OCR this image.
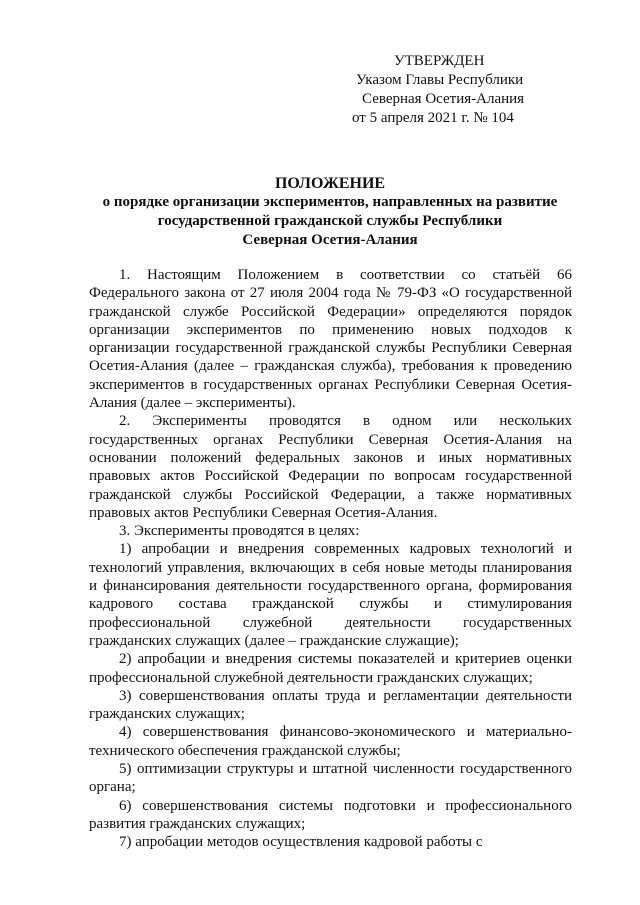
УТВЕРЖДЕН
Указом Главы Республики
Северная Осетия-Алания
от 5 апреля 2021 г. № 104
ПОЛОЖЕНИЕ
о порядке организации экспериментов, направленных на развитие
государственной гражданской службы Республики
Северная Осетия-Алания

1. Настоящим Положением в соответствии со статьёй 66 Федерального закона от 27 июля 2004 года № 79-ФЗ «О государственной гражданской службе Российской Федерации» определяются порядок организации экспериментов по применению новых подходов к организации государственной гражданской службы Республики Северная Осетия-Алания (далее – гражданская служба), требования к проведению экспериментов в государственных органах Республики Северная Осетия-Алания (далее – эксперименты).

2. Эксперименты проводятся в одном или нескольких государственных органах Республики Северная Осетия-Алания на основании положений федеральных законов и иных нормативных правовых актов Российской Федерации по вопросам государственной гражданской службы Российской Федерации, а также нормативных правовых актов Республики Северная Осетия-Алания.

3. Эксперименты проводятся в целях:

1) апробации и внедрения современных кадровых технологий и технологий управления, включающих в себя новые методы планирования и финансирования деятельности государственного органа, формирования кадрового состава гражданской службы и стимулирования профессиональной служебной деятельности государственных гражданских служащих (далее – гражданские служащие);

2) апробации и внедрения системы показателей и критериев оценки профессиональной служебной деятельности гражданских служащих;

3) совершенствования оплаты труда и регламентации деятельности гражданских служащих;

4) совершенствования финансово-экономического и материально-технического обеспечения гражданской службы;

5) оптимизации структуры и штатной численности государственного органа;

6) совершенствования системы подготовки и профессионального развития гражданских служащих;

7) апробации методов осуществления кадровой работы с
